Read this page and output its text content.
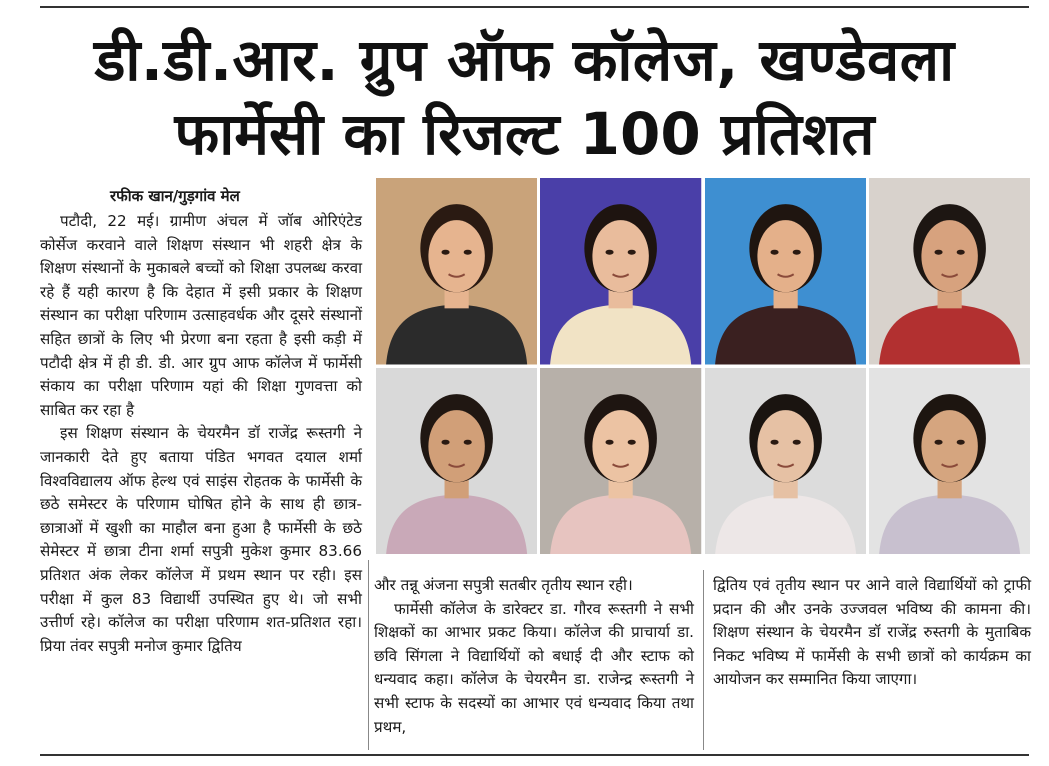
डी.डी.आर. ग्रुप ऑफ कॉलेज, खण्डेवला
फार्मेसी का रिजल्ट 100 प्रतिशत
रफीक खान/गुड़गांव मेल

पटौदी, 22 मई। ग्रामीण अंचल में जॉब ओरिएंटेड कोर्सेज करवाने वाले शिक्षण संस्थान भी शहरी क्षेत्र के शिक्षण संस्थानों के मुकाबले बच्चों को शिक्षा उपलब्ध करवा रहे हैं यही कारण है कि देहात में इसी प्रकार के शिक्षण संस्थान का परीक्षा परिणाम उत्साहवर्धक और दूसरे संस्थानों सहित छात्रों के लिए भी प्रेरणा बना रहता है इसी कड़ी में पटौदी क्षेत्र में ही डी. डी. आर ग्रुप आफ कॉलेज में फार्मेसी संकाय का परीक्षा परिणाम यहां की शिक्षा गुणवत्ता को साबित कर रहा है

इस शिक्षण संस्थान के चेयरमैन डॉ राजेंद्र रूस्तगी ने जानकारी देते हुए बताया पंडित भगवत दयाल शर्मा विश्वविद्यालय ऑफ हेल्थ एवं साइंस रोहतक के फार्मेसी के छठे समेस्टर के परिणाम घोषित होने के साथ ही छात्र-छात्राओं में खुशी का माहौल बना हुआ है फार्मेसी के छठे सेमेस्टर में छात्रा टीना शर्मा सपुत्री मुकेश कुमार 83.66 प्रतिशत अंक लेकर कॉलेज में प्रथम स्थान पर रही। इस परीक्षा में कुल 83 विद्यार्थी उपस्थित हुए थे। जो सभी उत्तीर्ण रहे। कॉलेज का परीक्षा परिणाम शत-प्रतिशत रहा। प्रिया तंवर सपुत्री मनोज कुमार द्वितिय

और तन्नू अंजना सपुत्री सतबीर तृतीय स्थान रही।

फार्मेसी कॉलेज के डारेक्टर डा. गौरव रूस्तगी ने सभी शिक्षकों का आभार प्रकट किया। कॉलेज की प्राचार्या डा. छवि सिंगला ने विद्यार्थियों को बधाई दी और स्टाफ को धन्यवाद कहा। कॉलेज के चेयरमैन डा. राजेन्द्र रूस्तगी ने सभी स्टाफ के सदस्यों का आभार एवं धन्यवाद किया तथा प्रथम,

द्वितिय एवं तृतीय स्थान पर आने वाले विद्यार्थियों को ट्राफी प्रदान की और उनके उज्जवल भविष्य की कामना की। शिक्षण संस्थान के चेयरमैन डॉ राजेंद्र रुस्तगी के मुताबिक निकट भविष्य में फार्मेसी के सभी छात्रों को कार्यक्रम का आयोजन कर सम्मानित किया जाएगा।
